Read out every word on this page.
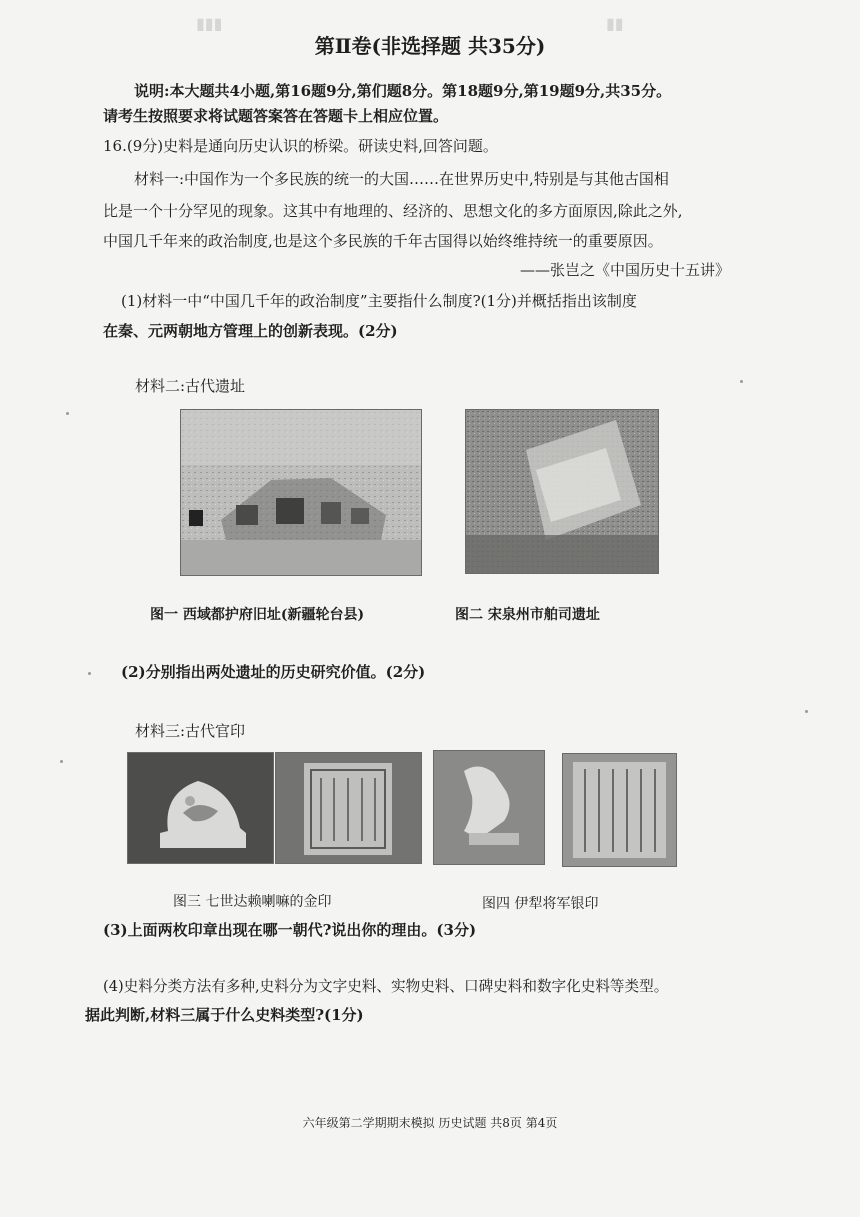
▮▮▮	▮▮
第Ⅱ卷(非选择题 共35分)
说明:本大题共4小题,第16题9分,第们题8分。第18题9分,第19题9分,共35分。
请考生按照要求将试题答案答在答题卡上相应位置。
16.(9分)史料是通向历史认识的桥梁。研读史料,回答问题。
材料一:中国作为一个多民族的统一的大国……在世界历史中,特别是与其他古国相
比是一个十分罕见的现象。这其中有地理的、经济的、思想文化的多方面原因,除此之外,
中国几千年来的政治制度,也是这个多民族的千年古国得以始终维持统一的重要原因。
——张岂之《中国历史十五讲》
(1)材料一中“中国几千年的政治制度”主要指什么制度?(1分)并概括指出该制度
在秦、元两朝地方管理上的创新表现。(2分)
材料二:古代遗址
图一 西域都护府旧址(新疆轮台县)	图二 宋泉州市舶司遗址
(2)分别指出两处遗址的历史研究价值。(2分)
材料三:古代官印
图三 七世达赖喇嘛的金印	图四 伊犁将军银印
(3)上面两枚印章出现在哪一朝代?说出你的理由。(3分)
(4)史料分类方法有多种,史料分为文字史料、实物史料、口碑史料和数字化史料等类型。
据此判断,材料三属于什么史料类型?(1分)
六年级第二学期期末模拟 历史试题 共8页 第4页
